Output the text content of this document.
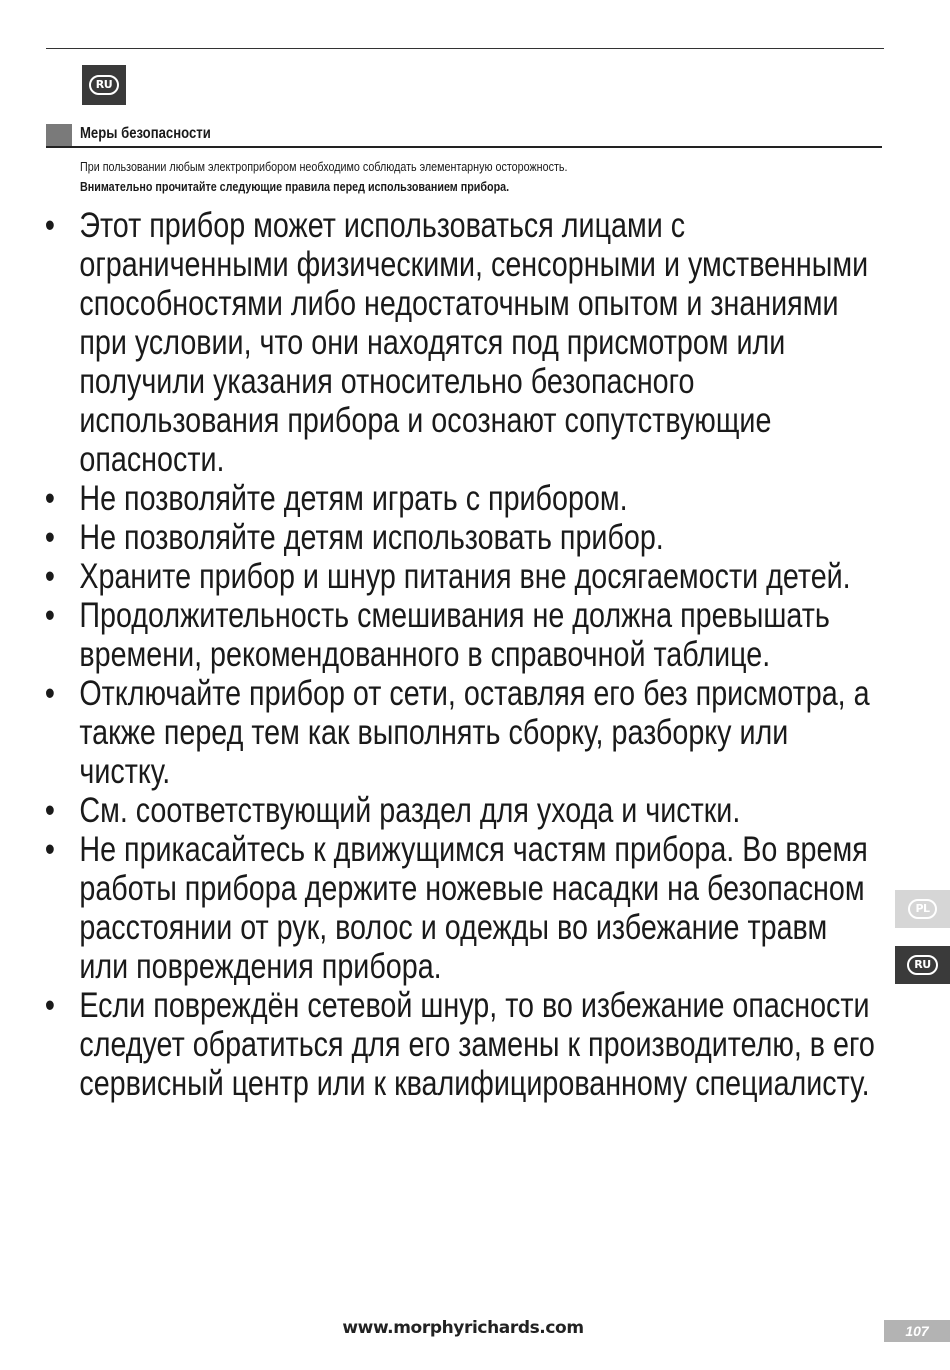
RU
Меры безопасности
При пользовании любым электроприбором необходимо соблюдать элементарную осторожность.
Внимательно прочитайте следующие правила перед использованием прибора.
• Этот прибор может использоваться лицами с
ограниченными физическими, сенсорными и умственными
способностями либо недостаточным опытом и знаниями
при условии, что они находятся под присмотром или
получили указания относительно безопасного
использования прибора и осознают сопутствующие
опасности.
• Не позволяйте детям играть с прибором.
• Не позволяйте детям использовать прибор.
• Храните прибор и шнур питания вне досягаемости детей.
• Продолжительность смешивания не должна превышать
времени, рекомендованного в справочной таблице.
• Отключайте прибор от сети, оставляя его без присмотра, а
также перед тем как выполнять сборку, разборку или
чистку.
• См. соответствующий раздел для ухода и чистки.
• Не прикасайтесь к движущимся частям прибора. Во время
работы прибора держите ножевые насадки на безопасном
расстоянии от рук, волос и одежды во избежание травм
или повреждения прибора.
• Если повреждён сетевой шнур, то во избежание опасности
следует обратиться для его замены к производителю, в его
сервисный центр или к квалифицированному специалисту.
PL
RU
www.morphyrichards.com	107
